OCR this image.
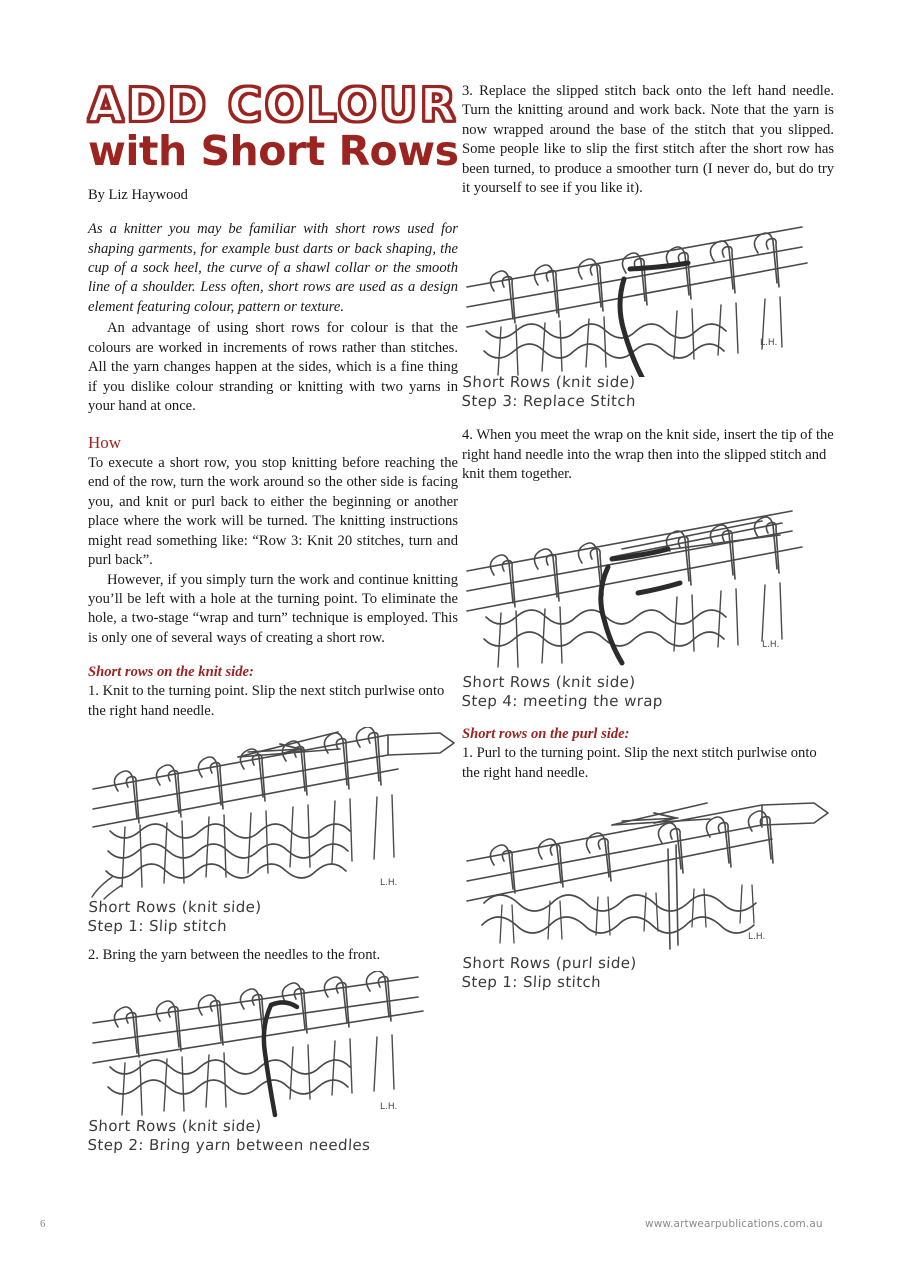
ADD COLOUR
with Short Rows
By Liz Haywood

As a knitter you may be familiar with short rows used for shaping garments, for example bust darts or back shaping, the cup of a sock heel, the curve of a shawl collar or the smooth line of a shoulder. Less often, short rows are used as a design element featuring colour, pattern or texture.

An advantage of using short rows for colour is that the colours are worked in increments of rows rather than stitches. All the yarn changes happen at the sides, which is a fine thing if you dislike colour stranding or knitting with two yarns in your hand at once.

How

To execute a short row, you stop knitting before reaching the end of the row, turn the work around so the other side is facing you, and knit or purl back to either the beginning or another place where the work will be turned. The knitting instructions might read something like: “Row 3: Knit 20 stitches, turn and purl back”.

However, if you simply turn the work and continue knitting you’ll be left with a hole at the turning point. To eliminate the hole, a two-stage “wrap and turn” technique is employed. This is only one of several ways of creating a short row.

Short rows on the knit side:

1. Knit to the turning point. Slip the next stitch purlwise onto the right hand needle.

L.H.
Short Rows (knit side)
Step 1: Slip stitch

2. Bring the yarn between the needles to the front.

L.H.
Short Rows (knit side)
Step 2: Bring yarn between needles

3. Replace the slipped stitch back onto the left hand needle. Turn the knitting around and work back. Note that the yarn is now wrapped around the base of the stitch that you slipped. Some people like to slip the first stitch after the short row has been turned, to produce a smoother turn (I never do, but do try it yourself to see if you like it).

L.H.
Short Rows (knit side)
Step 3: Replace Stitch

4. When you meet the wrap on the knit side, insert the tip of the right hand needle into the wrap then into the slipped stitch and knit them together.

L.H.
Short Rows (knit side)
Step 4: meeting the wrap
Short rows on the purl side:

1. Purl to the turning point. Slip the next stitch purlwise onto the right hand needle.

L.H.
Short Rows (purl side)
Step 1: Slip stitch
6	www.artwearpublications.com.au
